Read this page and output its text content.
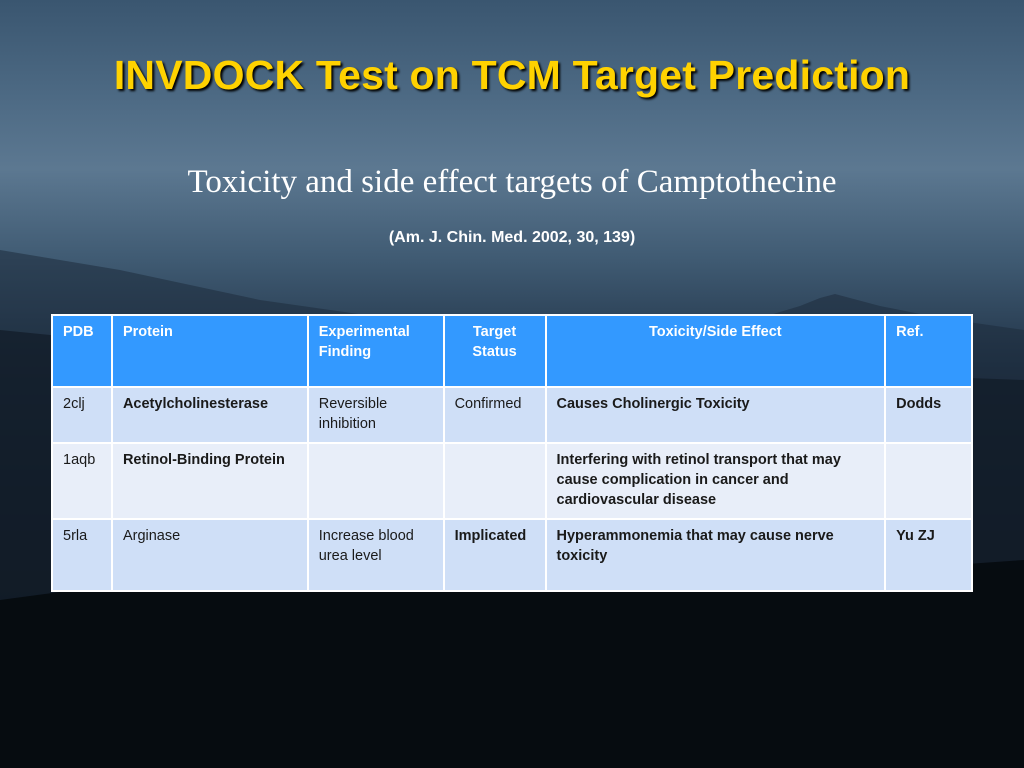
INVDOCK Test on TCM Target Prediction
Toxicity and side effect targets of Camptothecine
(Am. J. Chin. Med. 2002, 30, 139)
PDB	Protein	Experimental Finding	Target Status	Toxicity/Side Effect	Ref.
2clj	Acetylcholinesterase	Reversible inhibition	Confirmed	Causes Cholinergic Toxicity	Dodds
1aqb	Retinol-Binding Protein			Interfering with retinol transport that may cause complication in cancer and cardiovascular disease	
5rla	Arginase	Increase blood urea level	Implicated	Hyperammonemia that may cause nerve toxicity	Yu ZJ
